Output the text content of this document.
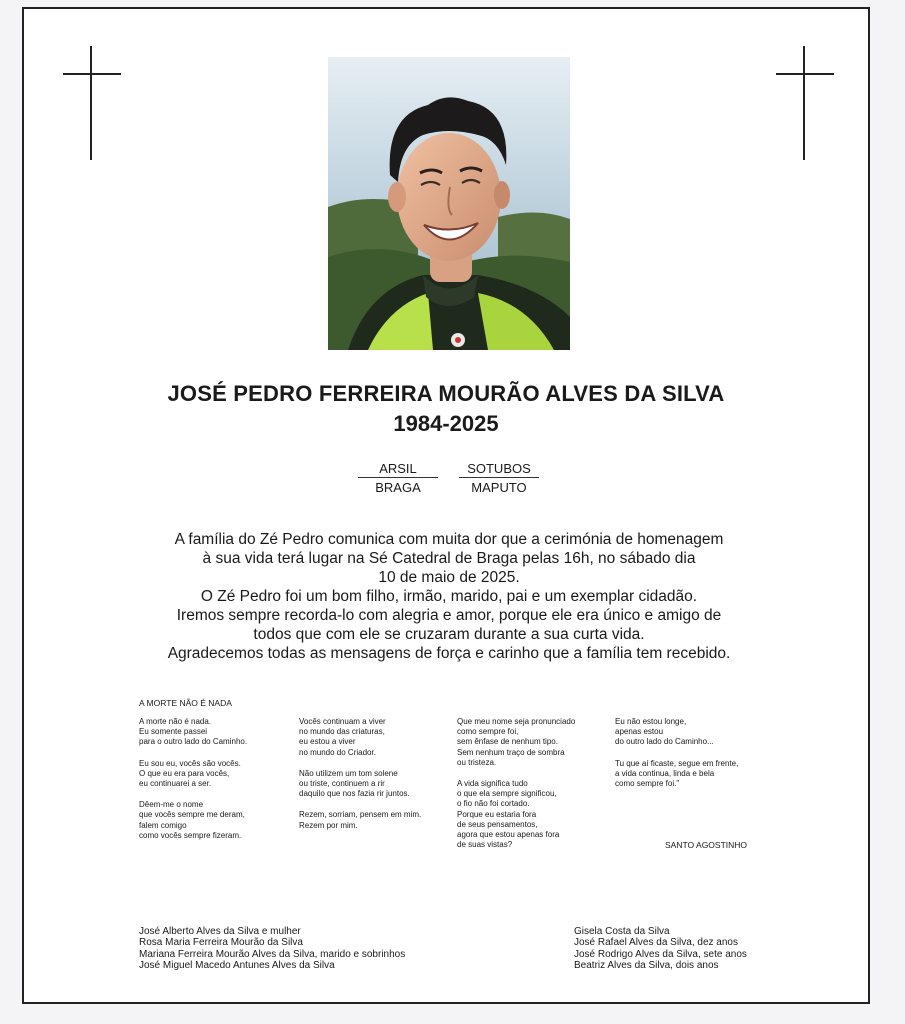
JOSÉ PEDRO FERREIRA MOURÃO ALVES DA SILVA
1984-2025
ARSIL
BRAGA
SOTUBOS
MAPUTO

A família do Zé Pedro comunica com muita dor que a cerimónia de homenagem

à sua vida terá lugar na Sé Catedral de Braga pelas 16h, no sábado dia

10 de maio de 2025.

O Zé Pedro foi um bom filho, irmão, marido, pai e um exemplar cidadão.

Iremos sempre recorda-lo com alegria e amor, porque ele era único e amigo de

todos que com ele se cruzaram durante a sua curta vida.

Agradecemos todas as mensagens de força e carinho que a família tem recebido.

A MORTE NÃO É NADA

A morte não é nada.
Eu somente passei
para o outro lado do Caminho.

Eu sou eu, vocês são vocês.
O que eu era para vocês,
eu continuarei a ser.

Dêem-me o nome
que vocês sempre me deram,
falem comigo
como vocês sempre fizeram.

Vocês continuam a viver
no mundo das criaturas,
eu estou a viver
no mundo do Criador.

Não utilizem um tom solene
ou triste, continuem a rir
daquilo que nos fazia rir juntos.

Rezem, sorriam, pensem em mim.
Rezem por mim.

Que meu nome seja pronunciado
como sempre foi,
sem ênfase de nenhum tipo.
Sem nenhum traço de sombra
ou tristeza.

A vida significa tudo
o que ela sempre significou,
o fio não foi cortado.
Porque eu estaria fora
de seus pensamentos,
agora que estou apenas fora
de suas vistas?

Eu não estou longe,
apenas estou
do outro lado do Caminho...

Tu que aí ficaste, segue em frente,
a vida continua, linda e bela
como sempre foi."

SANTO AGOSTINHO
José Alberto Alves da Silva e mulher
Rosa Maria Ferreira Mourão da Silva
Mariana Ferreira Mourão Alves da Silva, marido e sobrinhos
José Miguel Macedo Antunes Alves da Silva
Gisela Costa da Silva
José Rafael Alves da Silva, dez anos
José Rodrigo Alves da Silva, sete anos
Beatriz Alves da Silva, dois anos
